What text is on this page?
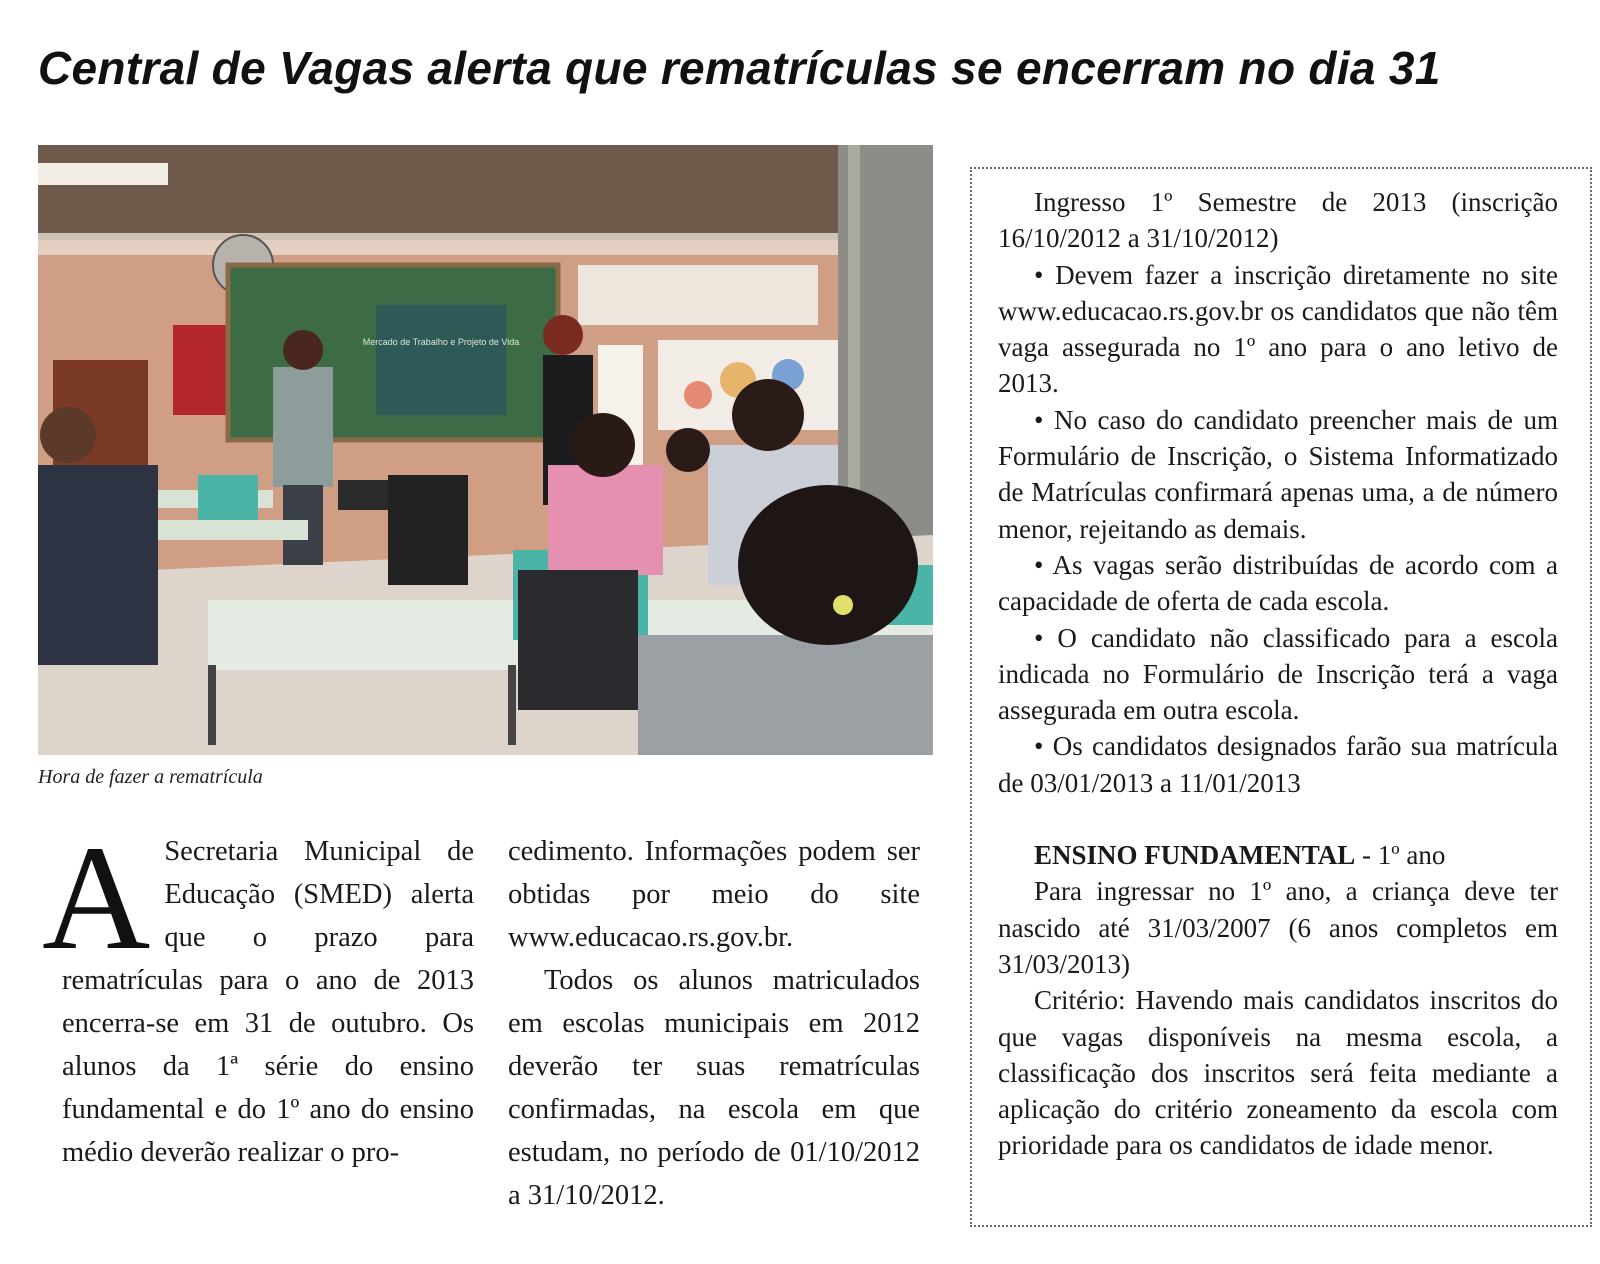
Central de Vagas alerta que rematrículas se encerram no dia 31
Mercado de Trabalho e Projeto de Vida

Hora de fazer a rematrícula

A Secretaria Municipal de Educação (SMED) alerta que o prazo para rematrículas para o ano de 2013 encerra-se em 31 de outubro. Os alunos da 1ª série do ensino fundamental e do 1º ano do ensino médio deverão realizar o pro-

cedimento. Informações podem ser obtidas por meio do site www.educacao.rs.gov.br.

Todos os alunos matriculados em escolas municipais em 2012 deverão ter suas rematrículas confirmadas, na escola em que estudam, no período de 01/10/2012 a 31/10/2012.

Ingresso 1º Semestre de 2013 (inscrição 16/10/2012 a 31/10/2012)

• Devem fazer a inscrição diretamente no site www.educacao.rs.gov.br os candidatos que não têm vaga assegurada no 1º ano para o ano letivo de 2013.

• No caso do candidato preencher mais de um Formulário de Inscrição, o Sistema Informatizado de Matrículas confirmará apenas uma, a de número menor, rejeitando as demais.

• As vagas serão distribuídas de acordo com a capacidade de oferta de cada escola.

• O candidato não classificado para a escola indicada no Formulário de Inscrição terá a vaga assegurada em outra escola.

• Os candidatos designados farão sua matrícula de 03/01/2013 a 11/01/2013

ENSINO FUNDAMENTAL - 1º ano

Para ingressar no 1º ano, a criança deve ter nascido até 31/03/2007 (6 anos completos em 31/03/2013)

Critério: Havendo mais candidatos inscritos do que vagas disponíveis na mesma escola, a classificação dos inscritos será feita mediante a aplicação do critério zoneamento da escola com prioridade para os candidatos de idade menor.
